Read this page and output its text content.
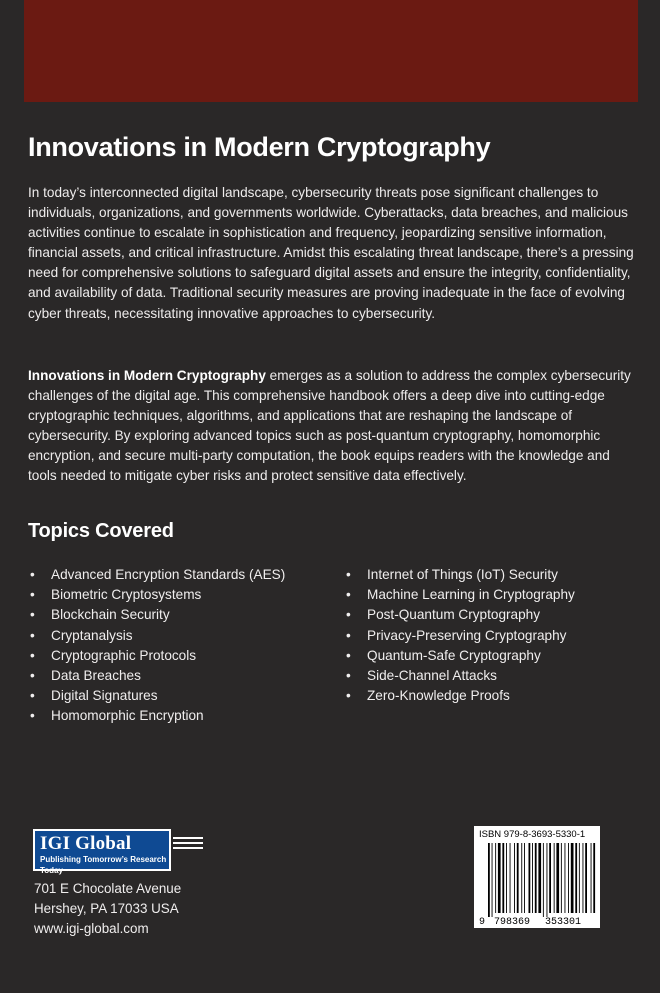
Innovations in Modern Cryptography

In today’s interconnected digital landscape, cybersecurity threats pose significant challenges to individuals, organizations, and governments worldwide. Cyberattacks, data breaches, and malicious activities continue to escalate in sophistication and frequency, jeopardizing sensitive information, financial assets, and critical infrastructure. Amidst this escalating threat landscape, there’s a pressing need for comprehensive solutions to safeguard digital assets and ensure the integrity, confidentiality, and availability of data. Traditional security measures are proving inadequate in the face of evolving cyber threats, necessitating innovative approaches to cybersecurity.

Innovations in Modern Cryptography emerges as a solution to address the complex cybersecurity challenges of the digital age. This comprehensive handbook offers a deep dive into cutting-edge cryptographic techniques, algorithms, and applications that are reshaping the landscape of cybersecurity. By exploring advanced topics such as post-quantum cryptography, homomorphic encryption, and secure multi-party computation, the book equips readers with the knowledge and tools needed to mitigate cyber risks and protect sensitive data effectively.

Topics Covered
• Advanced Encryption Standards (AES)
• Biometric Cryptosystems
• Blockchain Security
• Cryptanalysis
• Cryptographic Protocols
• Data Breaches
• Digital Signatures
• Homomorphic Encryption
• Internet of Things (IoT) Security
• Machine Learning in Cryptography
• Post-Quantum Cryptography
• Privacy-Preserving Cryptography
• Quantum-Safe Cryptography
• Side-Channel Attacks
• Zero-Knowledge Proofs
IGI Global
Publishing Tomorrow’s Research Today

701 E Chocolate Avenue
Hershey, PA 17033 USA
www.igi-global.com

ISBN 979-8-3693-5330-1
9 798369 353301
